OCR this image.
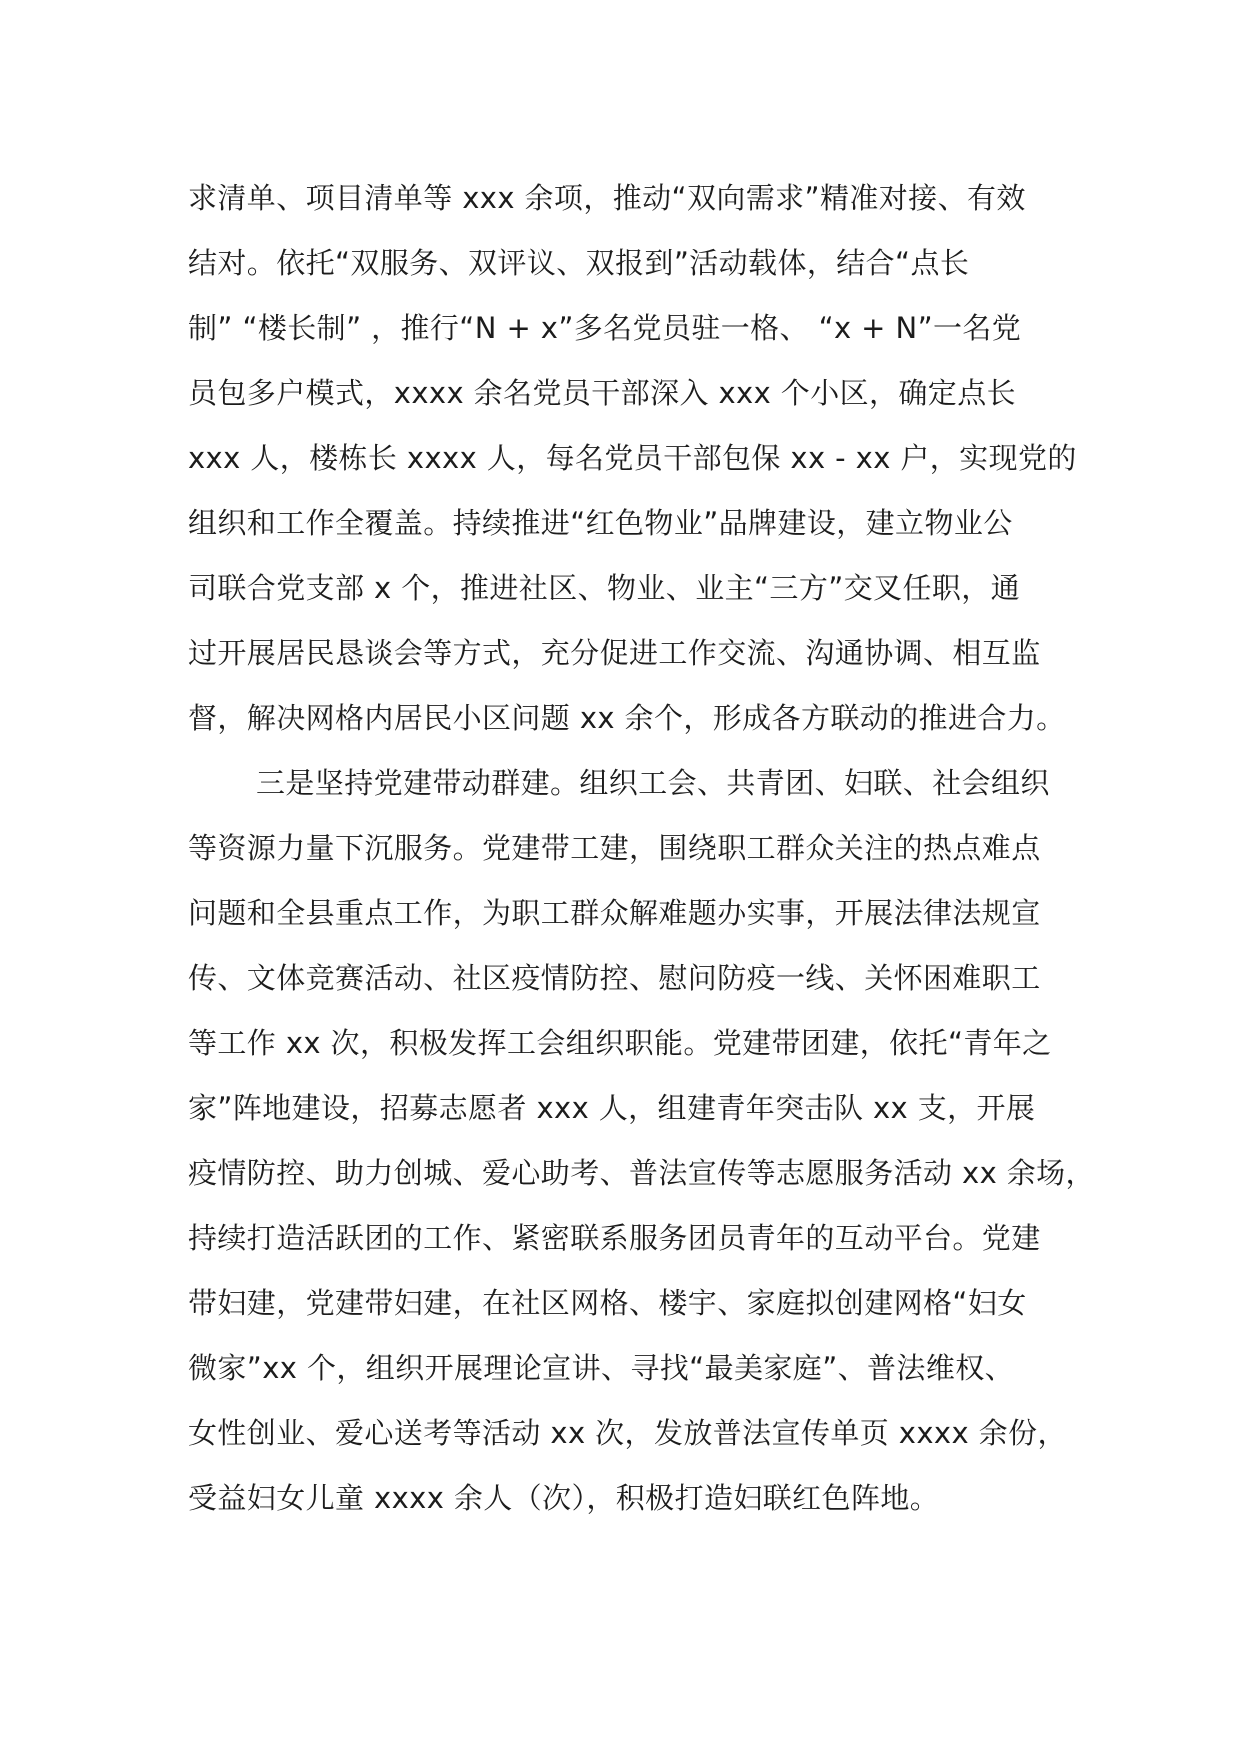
求清单、项目清单等 xxx 余项，推动“双向需求”精准对接、有效
结对。依托“双服务、双评议、双报到”活动载体，结合“点长
制” “楼长制” ，推行“N + x”多名党员驻一格、 “x + N”一名党
员包多户模式，xxxx 余名党员干部深入 xxx 个小区，确定点长
xxx 人，楼栋长 xxxx 人，每名党员干部包保 xx - xx 户，实现党的
组织和工作全覆盖。持续推进“红色物业”品牌建设，建立物业公
司联合党支部 x 个，推进社区、物业、业主“三方”交叉任职，通
过开展居民恳谈会等方式，充分促进工作交流、沟通协调、相互监
督，解决网格内居民小区问题 xx 余个，形成各方联动的推进合力。
三是坚持党建带动群建。组织工会、共青团、妇联、社会组织
等资源力量下沉服务。党建带工建，围绕职工群众关注的热点难点
问题和全县重点工作，为职工群众解难题办实事，开展法律法规宣
传、文体竞赛活动、社区疫情防控、慰问防疫一线、关怀困难职工
等工作 xx 次，积极发挥工会组织职能。党建带团建，依托“青年之
家”阵地建设，招募志愿者 xxx 人，组建青年突击队 xx 支，开展
疫情防控、助力创城、爱心助考、普法宣传等志愿服务活动 xx 余场，
持续打造活跃团的工作、紧密联系服务团员青年的互动平台。党建
带妇建，党建带妇建，在社区网格、楼宇、家庭拟创建网格“妇女
微家”xx 个，组织开展理论宣讲、寻找“最美家庭”、普法维权、
女性创业、爱心送考等活动 xx 次，发放普法宣传单页 xxxx 余份，
受益妇女儿童 xxxx 余人（次），积极打造妇联红色阵地。
